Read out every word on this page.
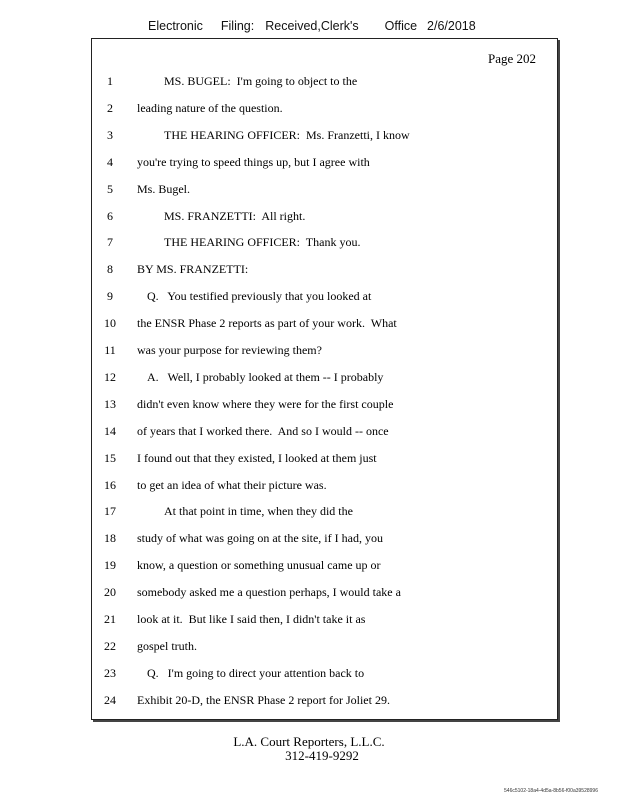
Electronic Filing: Received,Clerk's Office 2/6/2018
Page 202
1	MS. BUGEL:  I'm going to object to the
2	leading nature of the question.
3	THE HEARING OFFICER:  Ms. Franzetti, I know
4	you're trying to speed things up, but I agree with
5	Ms. Bugel.
6	MS. FRANZETTI:  All right.
7	THE HEARING OFFICER:  Thank you.
8	BY MS. FRANZETTI:
9	Q.   You testified previously that you looked at
10	the ENSR Phase 2 reports as part of your work.  What
11	was your purpose for reviewing them?
12	A.   Well, I probably looked at them -- I probably
13	didn't even know where they were for the first couple
14	of years that I worked there.  And so I would -- once
15	I found out that they existed, I looked at them just
16	to get an idea of what their picture was.
17	At that point in time, when they did the
18	study of what was going on at the site, if I had, you
19	know, a question or something unusual came up or
20	somebody asked me a question perhaps, I would take a
21	look at it.  But like I said then, I didn't take it as
22	gospel truth.
23	Q.   I'm going to direct your attention back to
24	Exhibit 20-D, the ENSR Phase 2 report for Joliet 29.
L.A. Court Reporters, L.L.C.
312-419-9292
546c5102-18a4-4d5a-8b56-f00a39528996
